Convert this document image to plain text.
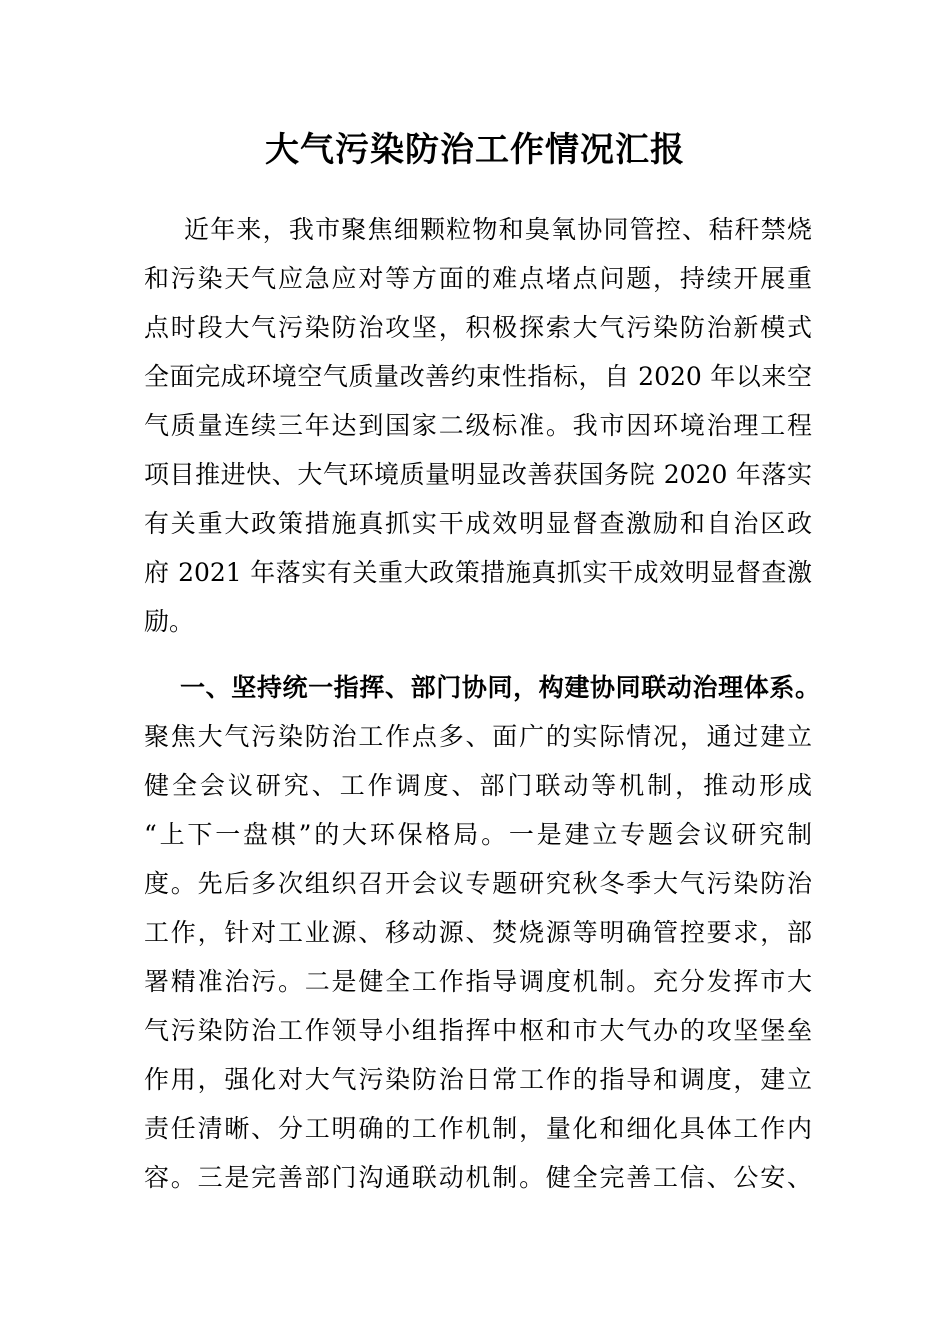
大气污染防治工作情况汇报
近年来，我市聚焦细颗粒物和臭氧协同管控、秸秆禁烧
和污染天气应急应对等方面的难点堵点问题，持续开展重
点时段大气污染防治攻坚，积极探索大气污染防治新模式
全面完成环境空气质量改善约束性指标，自 2020 年以来空
气质量连续三年达到国家二级标准。我市因环境治理工程
项目推进快、大气环境质量明显改善获国务院 2020 年落实
有关重大政策措施真抓实干成效明显督查激励和自治区政
府 2021 年落实有关重大政策措施真抓实干成效明显督查激
励。
一、坚持统一指挥、部门协同，构建协同联动治理体系。
聚焦大气污染防治工作点多、面广的实际情况，通过建立
健全会议研究、工作调度、部门联动等机制，推动形成
“上下一盘棋”的大环保格局。一是建立专题会议研究制
度。先后多次组织召开会议专题研究秋冬季大气污染防治
工作，针对工业源、移动源、焚烧源等明确管控要求，部
署精准治污。二是健全工作指导调度机制。充分发挥市大
气污染防治工作领导小组指挥中枢和市大气办的攻坚堡垒
作用，强化对大气污染防治日常工作的指导和调度，建立
责任清晰、分工明确的工作机制，量化和细化具体工作内
容。三是完善部门沟通联动机制。健全完善工信、公安、
